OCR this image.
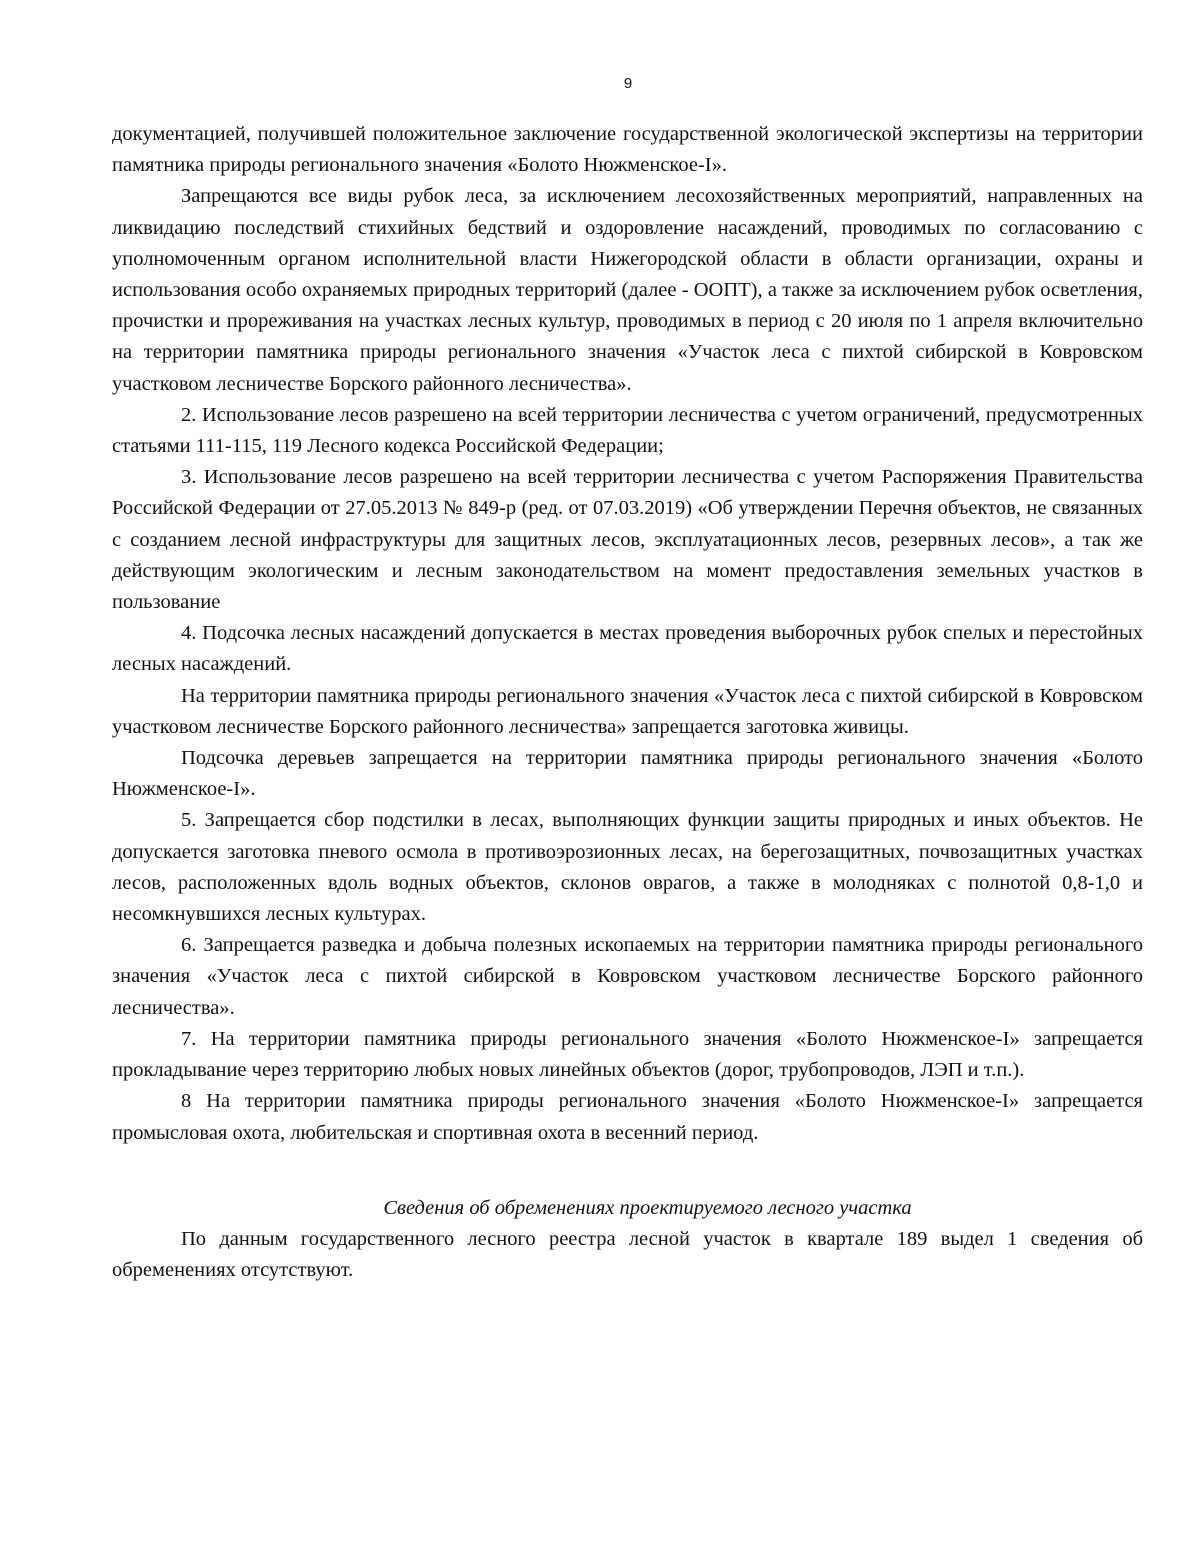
9

документацией, получившей положительное заключение государственной экологической экспертизы на территории памятника природы регионального значения «Болото Нюжменское-I».

Запрещаются все виды рубок леса, за исключением лесохозяйственных мероприятий, направленных на ликвидацию последствий стихийных бедствий и оздоровление насаждений, проводимых по согласованию с уполномоченным органом исполнительной власти Нижегородской области в области организации, охраны и использования особо охраняемых природных территорий (далее - ООПТ), а также за исключением рубок осветления, прочистки и прореживания на участках лесных культур, проводимых в период с 20 июля по 1 апреля включительно на территории памятника природы регионального значения «Участок леса с пихтой сибирской в Ковровском участковом лесничестве Борского районного лесничества».

2. Использование лесов разрешено на всей территории лесничества с учетом ограничений, предусмотренных статьями 111-115, 119 Лесного кодекса Российской Федерации;

3. Использование лесов разрешено на всей территории лесничества с учетом Распоряжения Правительства Российской Федерации от 27.05.2013 № 849-р (ред. от 07.03.2019) «Об утверждении Перечня объектов, не связанных с созданием лесной инфраструктуры для защитных лесов, эксплуатационных лесов, резервных лесов», а так же действующим экологическим и лесным законодательством на момент предоставления земельных участков в пользование

4. Подсочка лесных насаждений допускается в местах проведения выборочных рубок спелых и перестойных лесных насаждений.

На территории памятника природы регионального значения «Участок леса с пихтой сибирской в Ковровском участковом лесничестве Борского районного лесничества» запрещается заготовка живицы.

Подсочка деревьев запрещается на территории памятника природы регионального значения «Болото Нюжменское-I».

5. Запрещается сбор подстилки в лесах, выполняющих функции защиты природных и иных объектов. Не допускается заготовка пневого осмола в противоэрозионных лесах, на берегозащитных, почвозащитных участках лесов, расположенных вдоль водных объектов, склонов оврагов, а также в молодняках с полнотой 0,8-1,0 и несомкнувшихся лесных культурах.

6. Запрещается разведка и добыча полезных ископаемых на территории памятника природы регионального значения «Участок леса с пихтой сибирской в Ковровском участковом лесничестве Борского районного лесничества».

7. На территории памятника природы регионального значения «Болото Нюжменское-I» запрещается прокладывание через территорию любых новых линейных объектов (дорог, трубопроводов, ЛЭП и т.п.).

8 На территории памятника природы регионального значения «Болото Нюжменское-I» запрещается промысловая охота, любительская и спортивная охота в весенний период.

Сведения об обременениях проектируемого лесного участка

По данным государственного лесного реестра лесной участок в квартале 189 выдел 1 сведения об обременениях отсутствуют.
